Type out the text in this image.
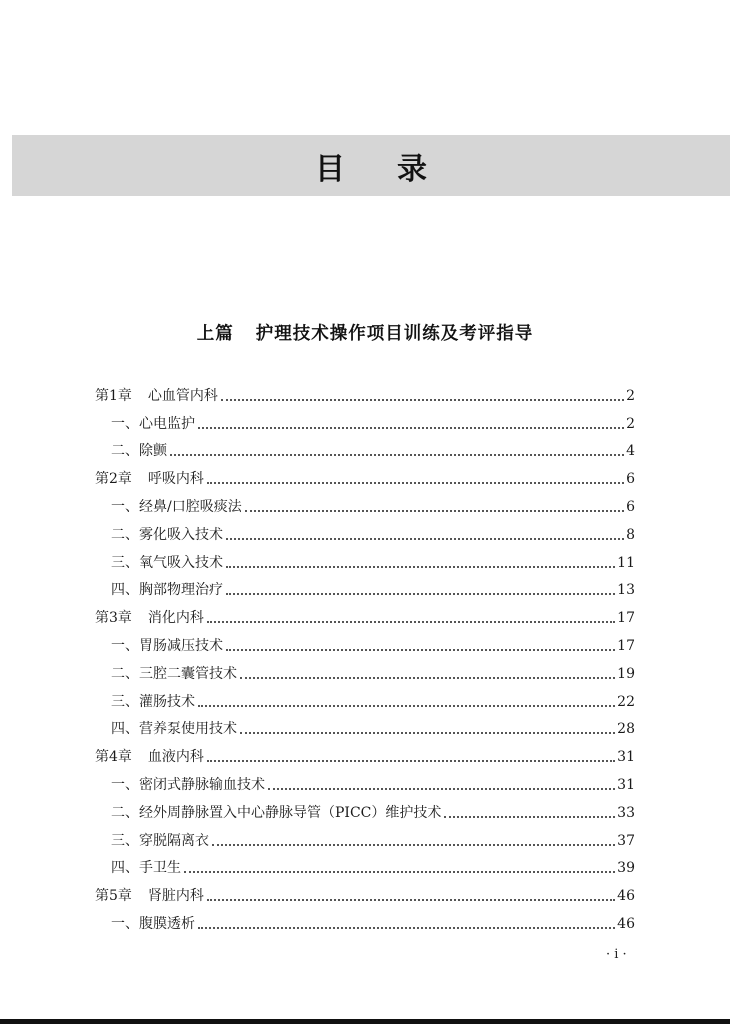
目 录
上篇 护理技术操作项目训练及考评指导
第1章 心血管内科	2
一、心电监护	2
二、除颤	4
第2章 呼吸内科	6
一、经鼻/口腔吸痰法	6
二、雾化吸入技术	8
三、氧气吸入技术	11
四、胸部物理治疗	13
第3章 消化内科	17
一、胃肠减压技术	17
二、三腔二囊管技术	19
三、灌肠技术	22
四、营养泵使用技术	28
第4章 血液内科	31
一、密闭式静脉输血技术	31
二、经外周静脉置入中心静脉导管（PICC）维护技术	33
三、穿脱隔离衣	37
四、手卫生	39
第5章 肾脏内科	46
一、腹膜透析	46
· i ·
